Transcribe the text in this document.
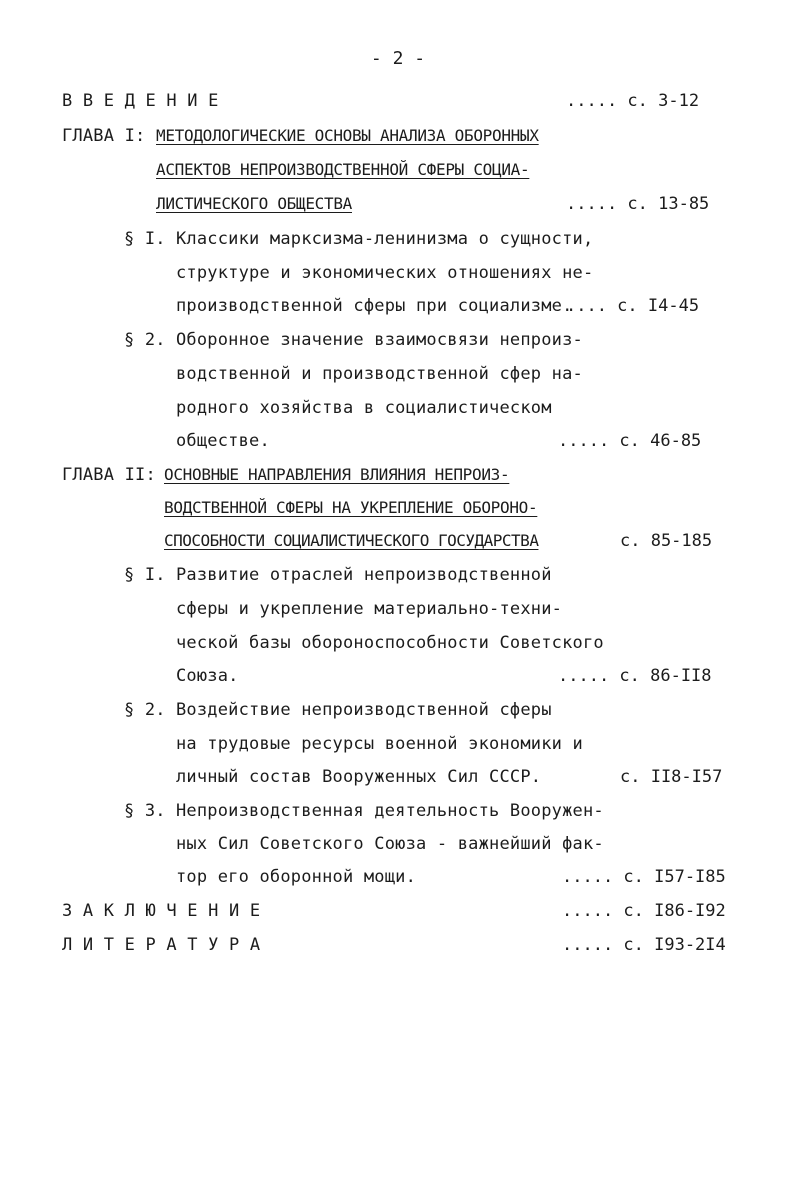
- 2 -
В В Е Д Е Н И Е	..... с. 3-12
ГЛАВА I: МЕТОДОЛОГИЧЕСКИЕ ОСНОВЫ АНАЛИЗА ОБОРОННЫХ
АСПЕКТОВ НЕПРОИЗВОДСТВЕННОЙ СФЕРЫ СОЦИА-
ЛИСТИЧЕСКОГО ОБЩЕСТВА	..... с. 13-85
§ I. Классики марксизма-ленинизма о сущности,
структуре и экономических отношениях не-
производственной сферы при социализме.
.... с. I4-45
§ 2. Оборонное значение взаимосвязи непроиз-
водственной и производственной сфер на-
родного хозяйства в социалистическом
обществе.	..... с. 46-85
ГЛАВА II: ОСНОВНЫЕ НАПРАВЛЕНИЯ ВЛИЯНИЯ НЕПРОИЗ-
ВОДСТВЕННОЙ СФЕРЫ НА УКРЕПЛЕНИЕ ОБОРОНО-
СПОСОБНОСТИ СОЦИАЛИСТИЧЕСКОГО ГОСУДАРСТВА	с. 85-185
§ I. Развитие отраслей непроизводственной
сферы и укрепление материально-техни-
ческой базы обороноспособности Советского
Союза.	..... с. 86-II8
§ 2. Воздействие непроизводственной сферы
на трудовые ресурсы военной экономики и
личный состав Вооруженных Сил СССР.	с. II8-I57
§ 3. Непроизводственная деятельность Вооружен-
ных Сил Советского Союза - важнейший фак-
тор его оборонной мощи.	..... с. I57-I85
З А К Л Ю Ч Е Н И Е	..... с. I86-I92
Л И Т Е Р А Т У Р А	..... с. I93-2I4
